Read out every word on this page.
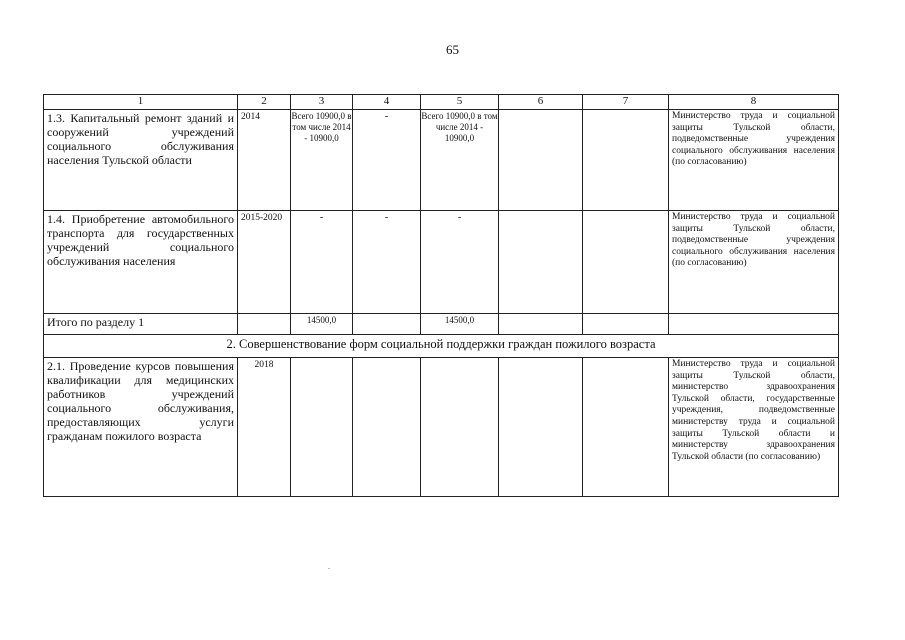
65
1	2	3	4	5	6	7	8
1.3. Капитальный ремонт зданий и сооружений учреждений социального обслуживания населения Тульской области	2014	Всего 10900,0 в том числе 2014 - 10900,0	-	Всего 10900,0 в том числе 2014 - 10900,0			Министерство труда и социальной защиты Тульской области, подведомственные учреждения социального обслуживания населения (по согласованию)
1.4. Приобретение автомобильного транспорта для государственных учреждений социального обслуживания населения	2015-2020	-	-	-			Министерство труда и социальной защиты Тульской области, подведомственные учреждения социального обслуживания населения (по согласованию)
Итого по разделу 1		14500,0		14500,0			
2. Совершенствование форм социальной поддержки граждан пожилого возраста							
2.1. Проведение курсов повышения квалификации для медицинских работников учреждений социального обслуживания, предоставляющих услуги гражданам пожилого возраста	2018						Министерство труда и социальной защиты Тульской области, министерство здравоохранения Тульской области, государственные учреждения, подведомственные министерству труда и социальной защиты Тульской области и министерству здравоохранения Тульской области (по согласованию)
